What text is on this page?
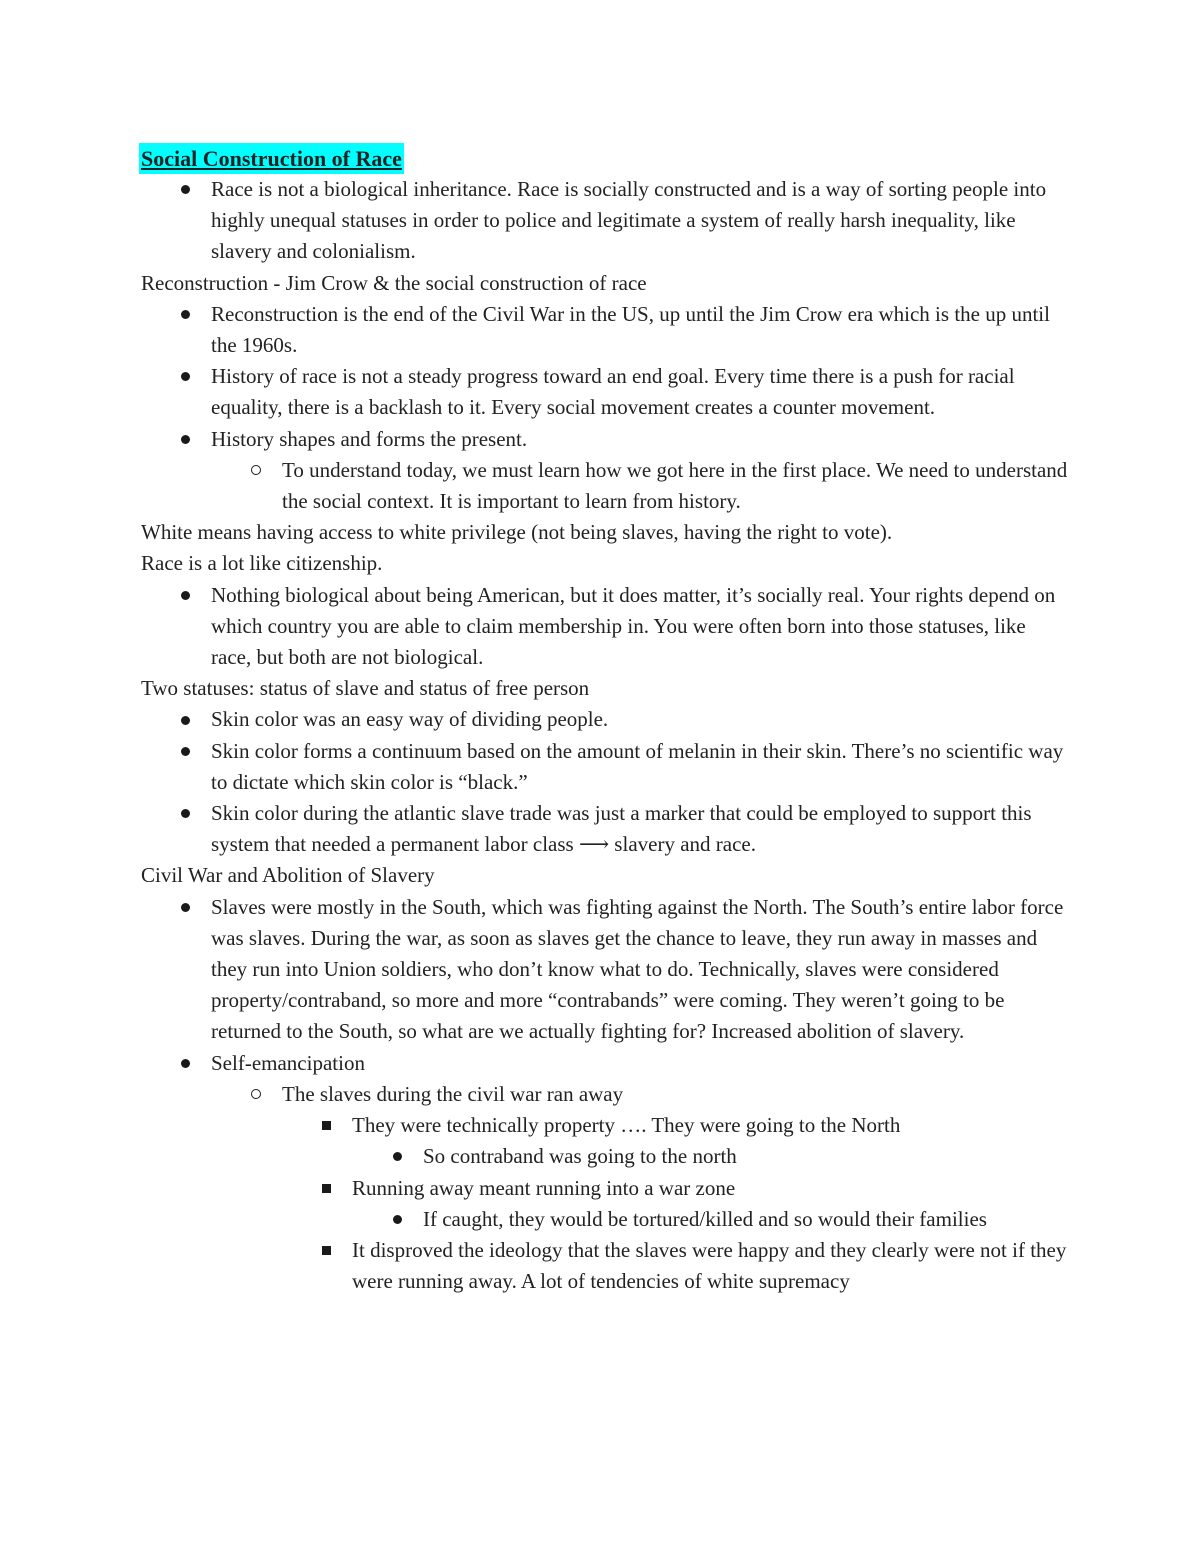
Social Construction of Race
Race is not a biological inheritance. Race is socially constructed and is a way of sorting people into highly unequal statuses in order to police and legitimate a system of really harsh inequality, like slavery and colonialism.
Reconstruction - Jim Crow & the social construction of race
Reconstruction is the end of the Civil War in the US, up until the Jim Crow era which is the up until the 1960s.
History of race is not a steady progress toward an end goal. Every time there is a push for racial equality, there is a backlash to it. Every social movement creates a counter movement.
History shapes and forms the present.
To understand today, we must learn how we got here in the first place. We need to understand the social context. It is important to learn from history.
White means having access to white privilege (not being slaves, having the right to vote).
Race is a lot like citizenship.
Nothing biological about being American, but it does matter, it’s socially real. Your rights depend on which country you are able to claim membership in. You were often born into those statuses, like race, but both are not biological.
Two statuses: status of slave and status of free person
Skin color was an easy way of dividing people.
Skin color forms a continuum based on the amount of melanin in their skin. There’s no scientific way to dictate which skin color is “black.”
Skin color during the atlantic slave trade was just a marker that could be employed to support this system that needed a permanent labor class ⟶ slavery and race.
Civil War and Abolition of Slavery
Slaves were mostly in the South, which was fighting against the North. The South’s entire labor force was slaves. During the war, as soon as slaves get the chance to leave, they run away in masses and they run into Union soldiers, who don’t know what to do. Technically, slaves were considered property/contraband, so more and more “contrabands” were coming. They weren’t going to be returned to the South, so what are we actually fighting for? Increased abolition of slavery.
Self-emancipation
The slaves during the civil war ran away
They were technically property …. They were going to the North
So contraband was going to the north
Running away meant running into a war zone
If caught, they would be tortured/killed and so would their families
It disproved the ideology that the slaves were happy and they clearly were not if they were running away. A lot of tendencies of white supremacy
